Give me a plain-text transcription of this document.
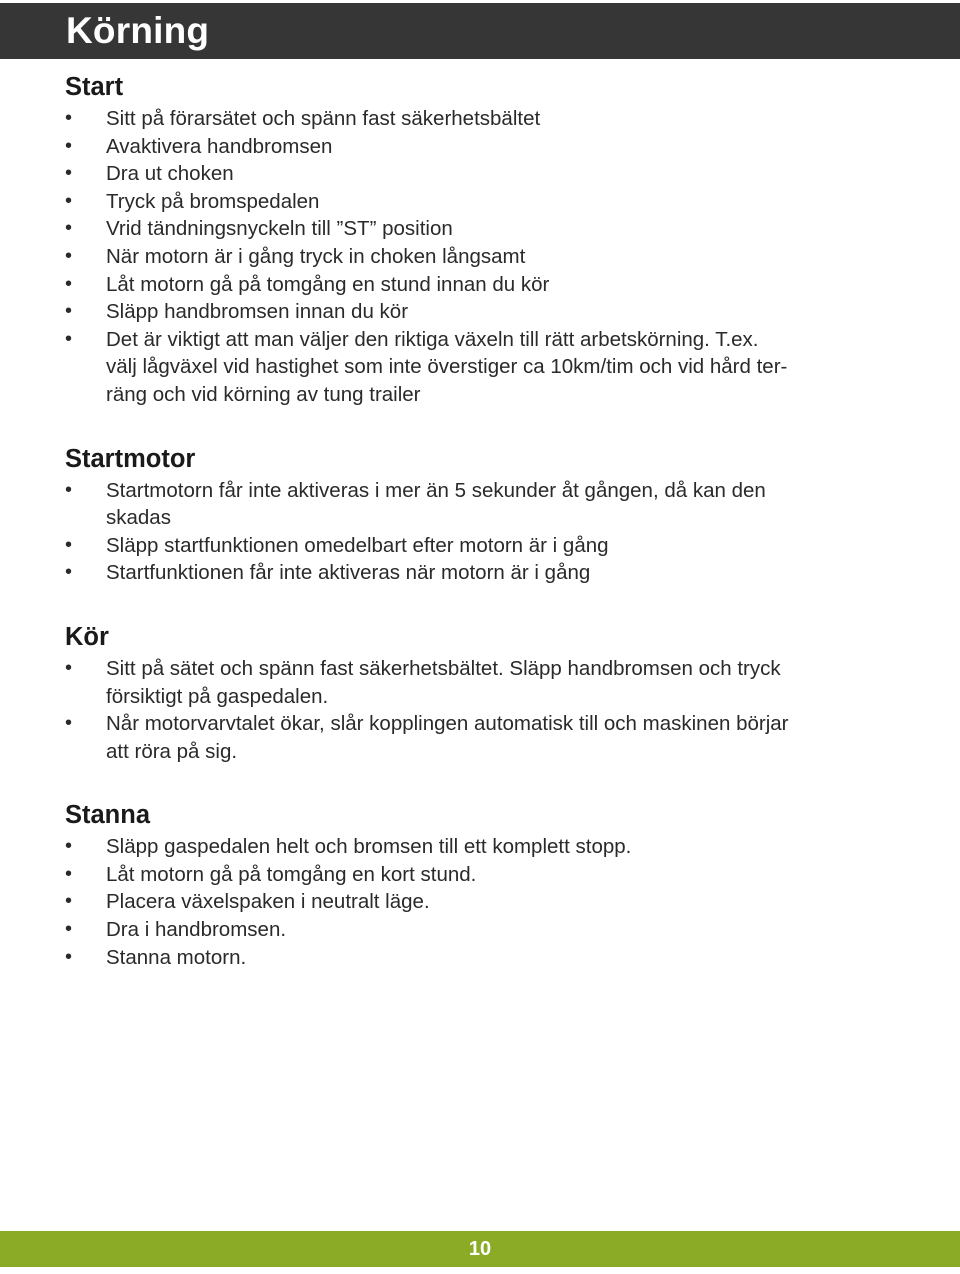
Körning
Start
•	Sitt på förarsätet och spänn fast säkerhetsbältet
•	Avaktivera handbromsen
•	Dra ut choken
•	Tryck på bromspedalen
•	Vrid tändningsnyckeln till ”ST” position
•	När motorn är i gång tryck in choken långsamt
•	Låt motorn gå på tomgång en stund innan du kör
•	Släpp handbromsen innan du kör
•	Det är viktigt att man väljer den riktiga växeln till rätt arbetskörning. T.ex.
välj lågväxel vid hastighet som inte överstiger ca 10km/tim och vid hård ter-
räng och vid körning av tung trailer
Startmotor
•	Startmotorn får inte aktiveras i mer än 5 sekunder åt gången, då kan den
skadas
•	Släpp startfunktionen omedelbart efter motorn är i gång
•	Startfunktionen får inte aktiveras när motorn är i gång
Kör
•	Sitt på sätet och spänn fast säkerhetsbältet. Släpp handbromsen och tryck
försiktigt på gaspedalen.
•	Når motorvarvtalet ökar, slår kopplingen automatisk till och maskinen börjar
att röra på sig.
Stanna
•	Släpp gaspedalen helt och bromsen till ett komplett stopp.
•	Låt motorn gå på tomgång en kort stund.
•	Placera växelspaken i neutralt läge.
•	Dra i handbromsen.
•	Stanna motorn.
10
